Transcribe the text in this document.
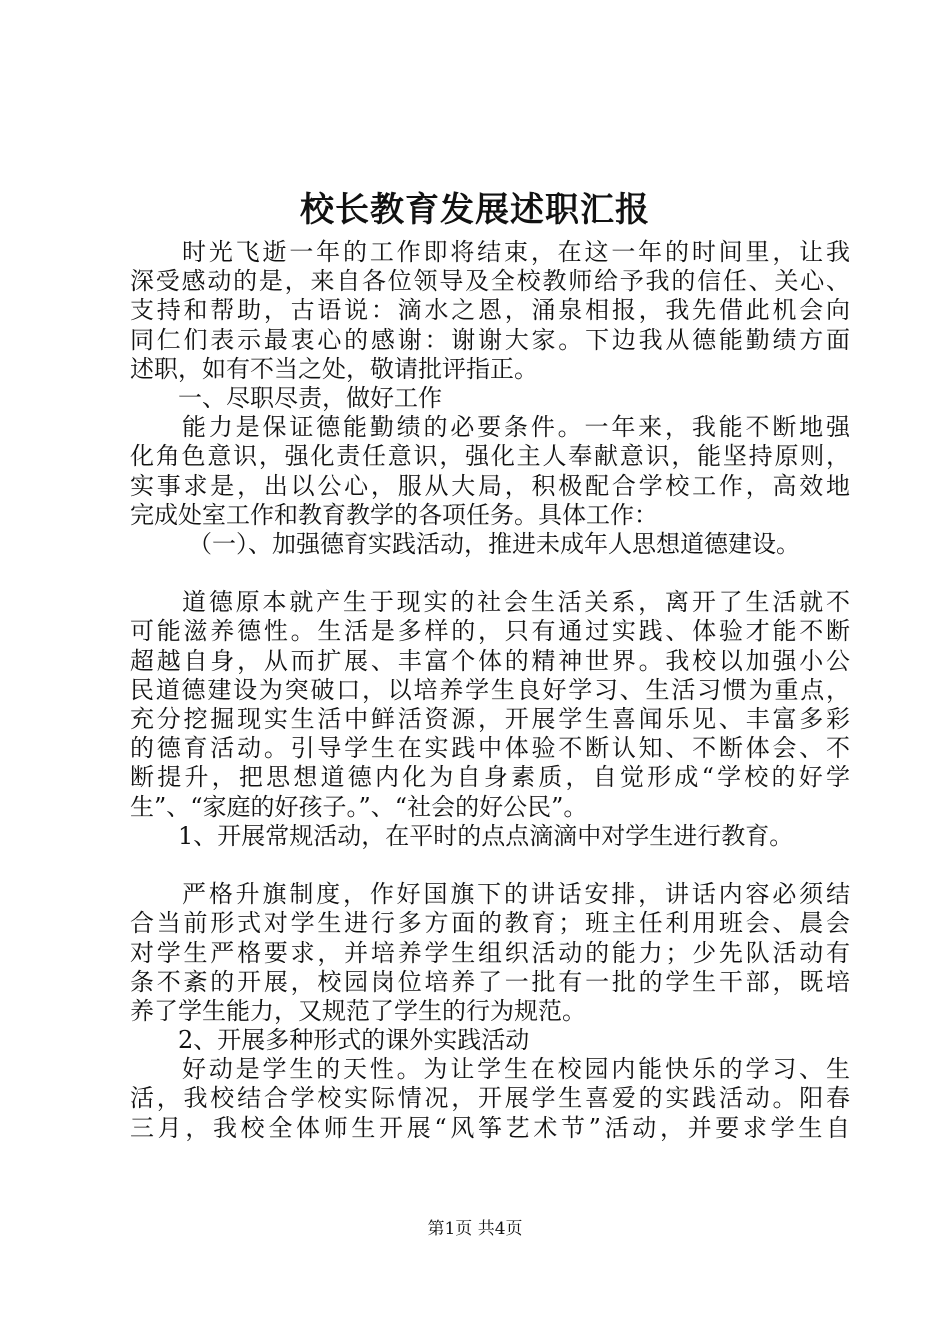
校长教育发展述职汇报
时光飞逝一年的工作即将结束，在这一年的时间里，让我
深受感动的是，来自各位领导及全校教师给予我的信任、关心、
支持和帮助，古语说：滴水之恩，涌泉相报，我先借此机会向
同仁们表示最衷心的感谢：谢谢大家。下边我从德能勤绩方面
述职，如有不当之处，敬请批评指正。
一、尽职尽责，做好工作
能力是保证德能勤绩的必要条件。一年来，我能不断地强
化角色意识，强化责任意识，强化主人奉献意识，能坚持原则，
实事求是，出以公心，服从大局，积极配合学校工作，高效地
完成处室工作和教育教学的各项任务。具体工作：
（一）、加强德育实践活动，推进未成年人思想道德建设。
道德原本就产生于现实的社会生活关系，离开了生活就不
可能滋养德性。生活是多样的，只有通过实践、体验才能不断
超越自身，从而扩展、丰富个体的精神世界。我校以加强小公
民道德建设为突破口，以培养学生良好学习、生活习惯为重点，
充分挖掘现实生活中鲜活资源，开展学生喜闻乐见、丰富多彩
的德育活动。引导学生在实践中体验不断认知、不断体会、不
断提升，把思想道德内化为自身素质，自觉形成“学校的好学
生”、“家庭的好孩子。”、“社会的好公民”。
1、开展常规活动，在平时的点点滴滴中对学生进行教育。
严格升旗制度，作好国旗下的讲话安排，讲话内容必须结
合当前形式对学生进行多方面的教育；班主任利用班会、晨会
对学生严格要求，并培养学生组织活动的能力；少先队活动有
条不紊的开展，校园岗位培养了一批有一批的学生干部，既培
养了学生能力，又规范了学生的行为规范。
2、开展多种形式的课外实践活动
好动是学生的天性。为让学生在校园内能快乐的学习、生
活，我校结合学校实际情况，开展学生喜爱的实践活动。阳春
三月，我校全体师生开展“风筝艺术节”活动，并要求学生自
第1页 共4页
